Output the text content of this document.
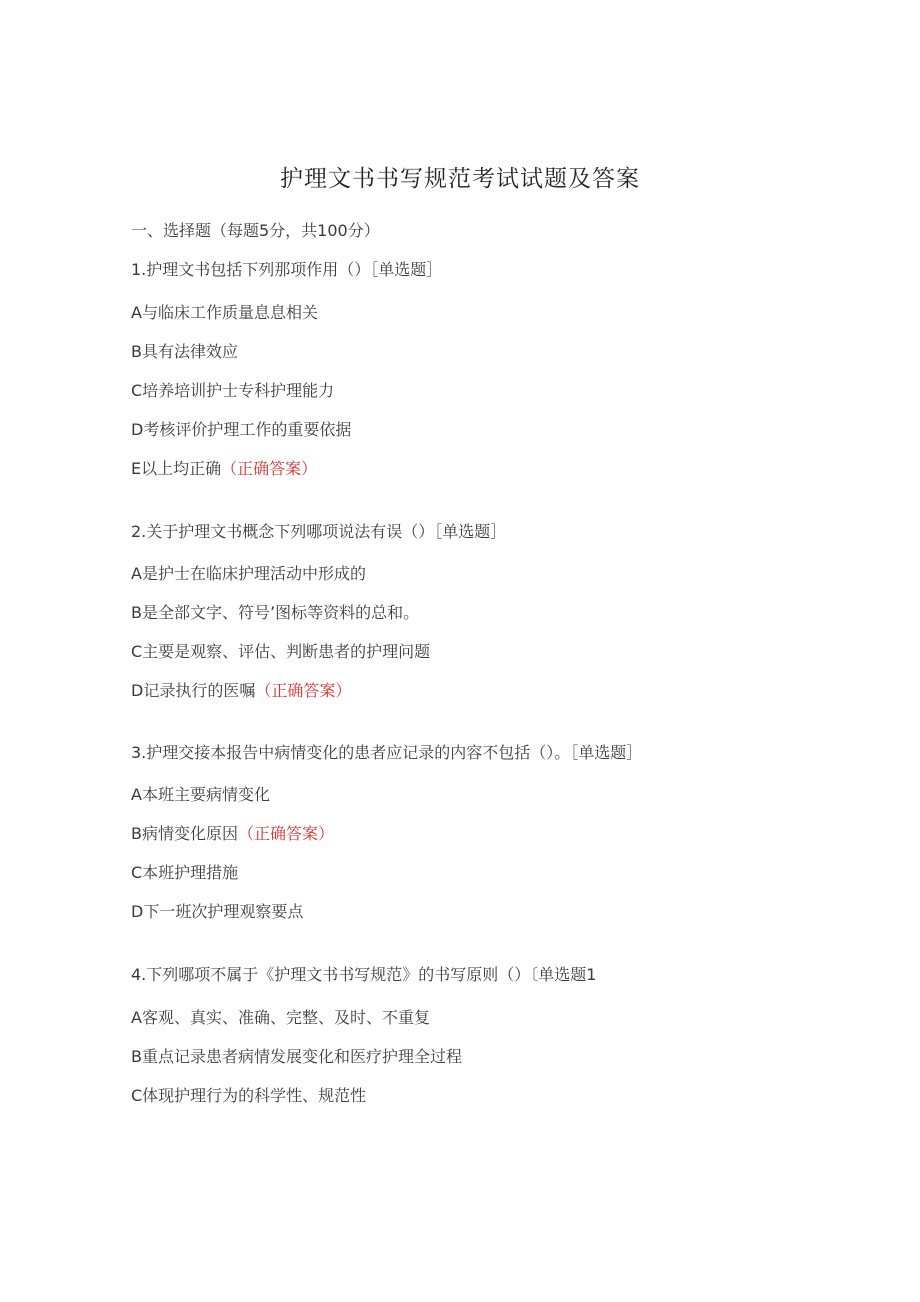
护理文书书写规范考试试题及答案
一、选择题（每题5分，共100分）
1.护理文书包括下列那项作用（）［单选题］
A与临床工作质量息息相关
B具有法律效应
C培养培训护士专科护理能力
D考核评价护理工作的重要依据
E以上均正确（正确答案）
2.关于护理文书概念下列哪项说法有误（）［单选题］
A是护士在临床护理活动中形成的
B是全部文字、符号’图标等资料的总和。
C主要是观察、评估、判断患者的护理问题
D记录执行的医嘱（正确答案）
3.护理交接本报告中病情变化的患者应记录的内容不包括（）。［单选题］
A本班主要病情变化
B病情变化原因（正确答案）
C本班护理措施
D下一班次护理观察要点
4.下列哪项不属于《护理文书书写规范》的书写原则（）〔单选题1
A客观、真实、准确、完整、及时、不重复
B重点记录患者病情发展变化和医疗护理全过程
C体现护理行为的科学性、规范性
